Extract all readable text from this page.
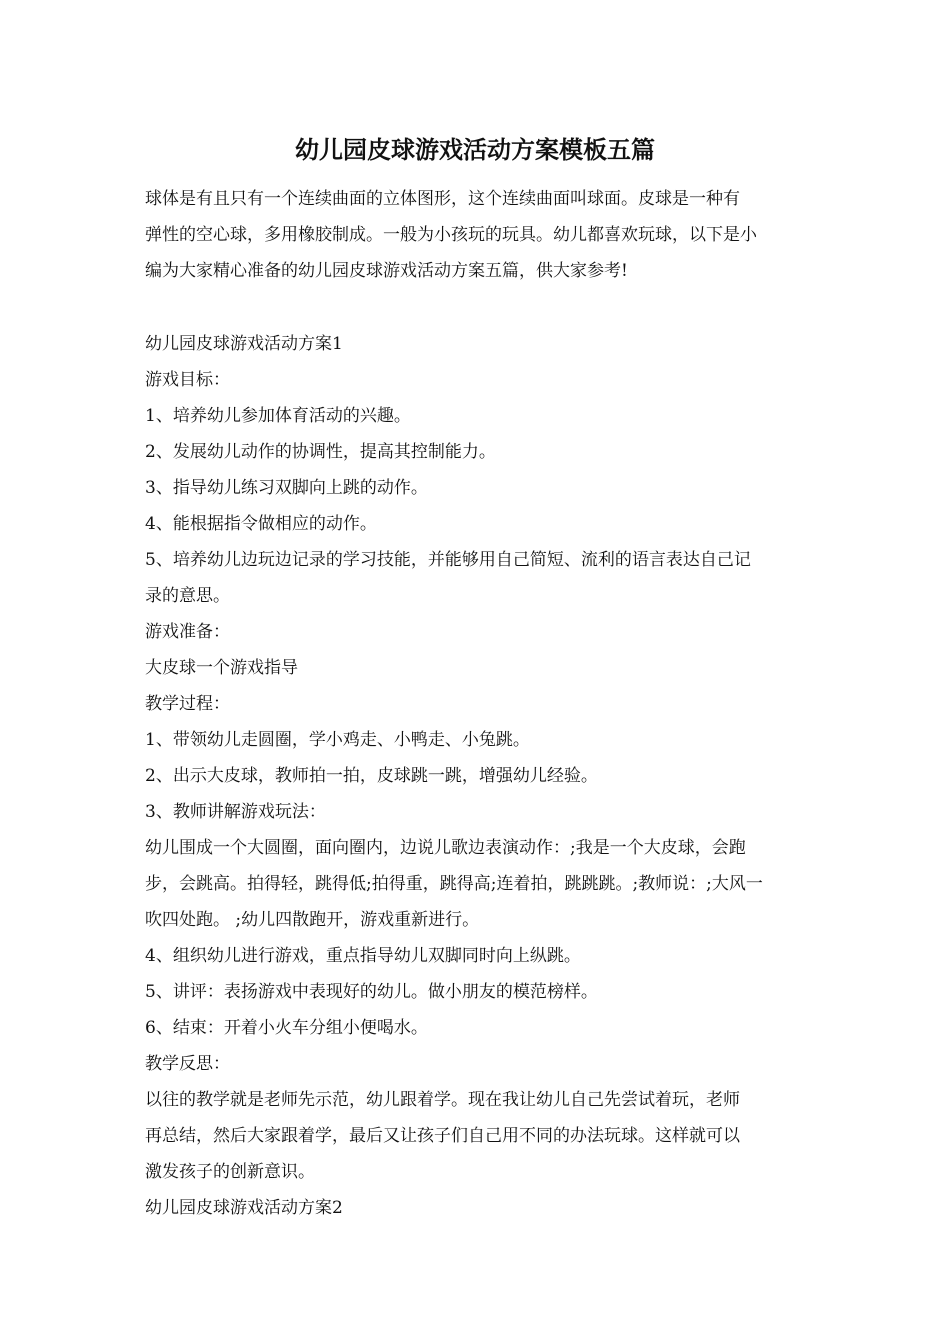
幼儿园皮球游戏活动方案模板五篇
球体是有且只有一个连续曲面的立体图形，这个连续曲面叫球面。皮球是一种有
弹性的空心球，多用橡胶制成。一般为小孩玩的玩具。幼儿都喜欢玩球，以下是小
编为大家精心准备的幼儿园皮球游戏活动方案五篇，供大家参考!
幼儿园皮球游戏活动方案1
游戏目标：
1、培养幼儿参加体育活动的兴趣。
2、发展幼儿动作的协调性，提高其控制能力。
3、指导幼儿练习双脚向上跳的动作。
4、能根据指令做相应的动作。
5、培养幼儿边玩边记录的学习技能，并能够用自己简短、流利的语言表达自己记
录的意思。
游戏准备：
大皮球一个游戏指导
教学过程：
1、带领幼儿走圆圈，学小鸡走、小鸭走、小兔跳。
2、出示大皮球，教师拍一拍，皮球跳一跳，增强幼儿经验。
3、教师讲解游戏玩法：
幼儿围成一个大圆圈，面向圈内，边说儿歌边表演动作：;我是一个大皮球，会跑
步，会跳高。拍得轻，跳得低;拍得重，跳得高;连着拍，跳跳跳。;教师说：;大风一
吹四处跑。 ;幼儿四散跑开，游戏重新进行。
4、组织幼儿进行游戏，重点指导幼儿双脚同时向上纵跳。
5、讲评：表扬游戏中表现好的幼儿。做小朋友的模范榜样。
6、结束：开着小火车分组小便喝水。
教学反思：
以往的教学就是老师先示范，幼儿跟着学。现在我让幼儿自己先尝试着玩，老师
再总结，然后大家跟着学，最后又让孩子们自己用不同的办法玩球。这样就可以
激发孩子的创新意识。
幼儿园皮球游戏活动方案2
